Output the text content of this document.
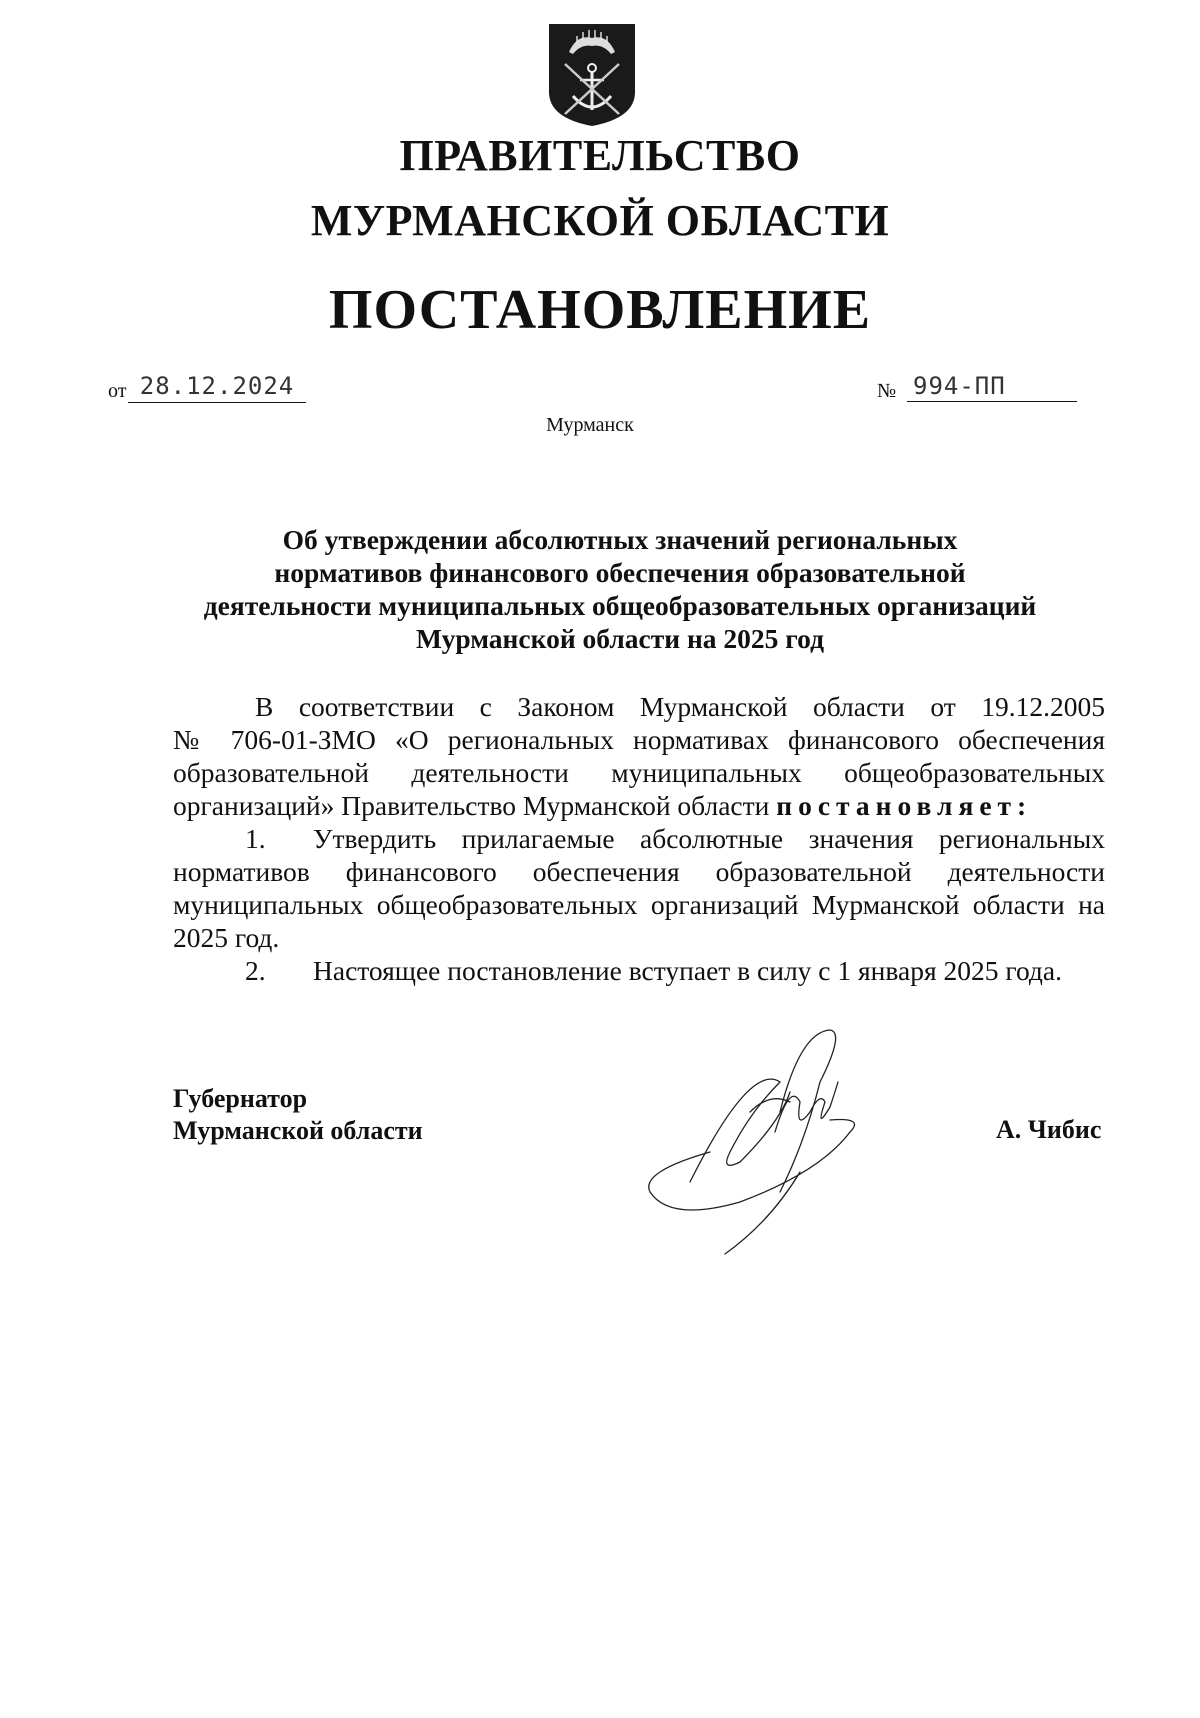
ПРАВИТЕЛЬСТВО
МУРМАНСКОЙ ОБЛАСТИ
ПОСТАНОВЛЕНИЕ
от 28.12.2024	№ 994-ПП
Мурманск
Об утверждении абсолютных значений региональных
нормативов финансового обеспечения образовательной
деятельности муниципальных общеобразовательных организаций
Мурманской области на 2025 год
В соответствии с Законом Мурманской области от 19.12.2005
№ 706-01-ЗМО «О региональных нормативах финансового обеспечения
образовательной деятельности муниципальных общеобразовательных
организаций» Правительство Мурманской области постановляет:
1. Утвердить прилагаемые абсолютные значения региональных
нормативов финансового обеспечения образовательной деятельности
муниципальных общеобразовательных организаций Мурманской области на
2025 год.
2. Настоящее постановление вступает в силу с 1 января 2025 года.
Губернатор
Мурманской области	А. Чибис
